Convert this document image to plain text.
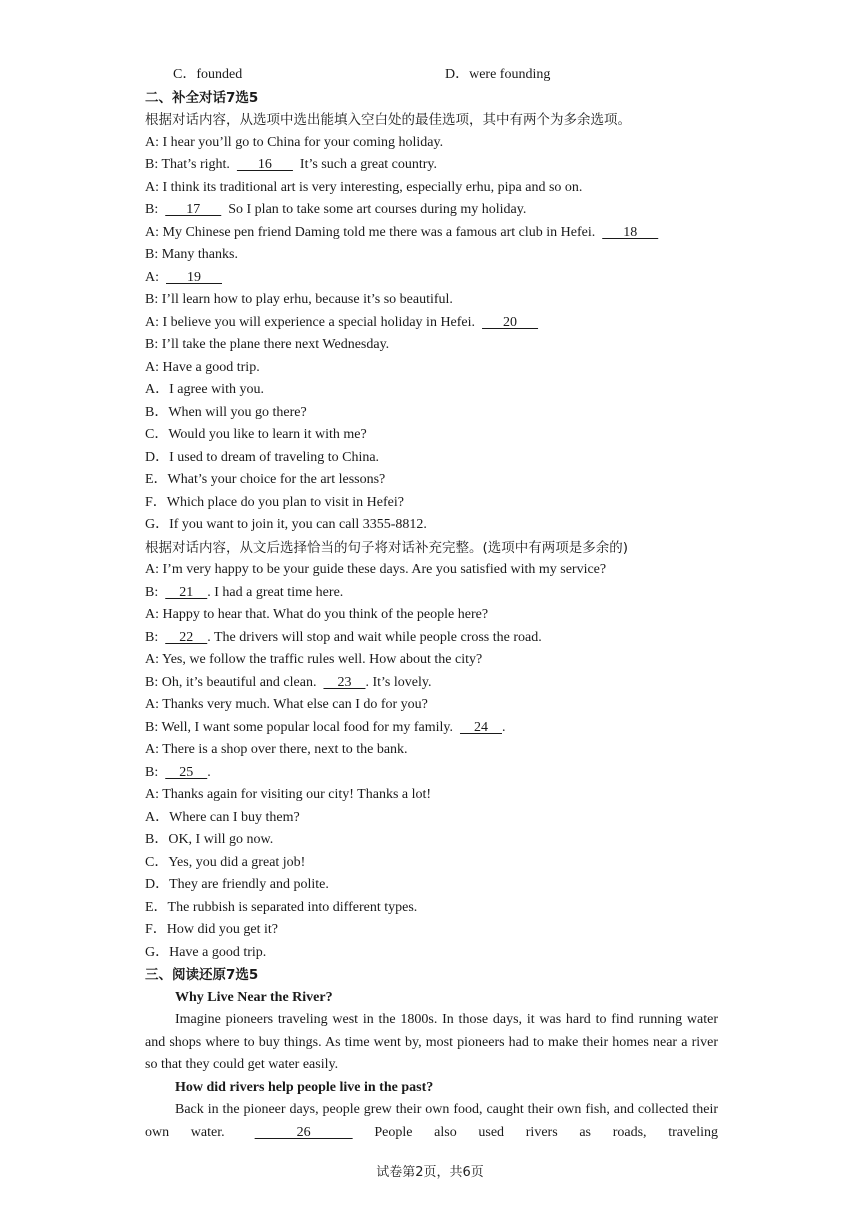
C．founded	D．were founding
二、补全对话7选5
根据对话内容，从选项中选出能填入空白处的最佳选项，其中有两个为多余选项。
A: I hear you’ll go to China for your coming holiday.
B: That’s right.        16        It’s such a great country.
A: I think its traditional art is very interesting, especially erhu, pipa and so on.
B:        17        So I plan to take some art courses during my holiday.
A: My Chinese pen friend Daming told me there was a famous art club in Hefei.        18
B: Many thanks.
A:        19
B: I’ll learn how to play erhu, because it’s so beautiful.
A: I believe you will experience a special holiday in Hefei.        20
B: I’ll take the plane there next Wednesday.
A: Have a good trip.
A．I agree with you.
B．When will you go there?
C．Would you like to learn it with me?
D．I used to dream of traveling to China.
E．What’s your choice for the art lessons?
F．Which place do you plan to visit in Hefei?
G．If you want to join it, you can call 3355-8812.
根据对话内容，从文后选择恰当的句子将对话补充完整。(选项中有两项是多余的)
A: I’m very happy to be your guide these days. Are you satisfied with my service?
B:      21    . I had a great time here.
A: Happy to hear that. What do you think of the people here?
B:      22    . The drivers will stop and wait while people cross the road.
A: Yes, we follow the traffic rules well. How about the city?
B: Oh, it’s beautiful and clean.      23    . It’s lovely.
A: Thanks very much. What else can I do for you?
B: Well, I want some popular local food for my family.      24    .
A: There is a shop over there, next to the bank.
B:      25    .
A: Thanks again for visiting our city! Thanks a lot!
A．Where can I buy them?
B．OK, I will go now.
C．Yes, you did a great job!
D．They are friendly and polite.
E．The rubbish is separated into different types.
F．How did you get it?
G．Have a good trip.
三、阅读还原7选5
Why Live Near the River?
Imagine pioneers traveling west in the 1800s. In those days, it was hard to find running water and shops where to buy things. As time went by, most pioneers had to make their homes near a river so that they could get water easily.
How did rivers help people live in the past?
Back in the pioneer days, people grew their own food, caught their own fish, and collected their own water.            26             People also used rivers as roads, traveling
试卷第2页，共6页
